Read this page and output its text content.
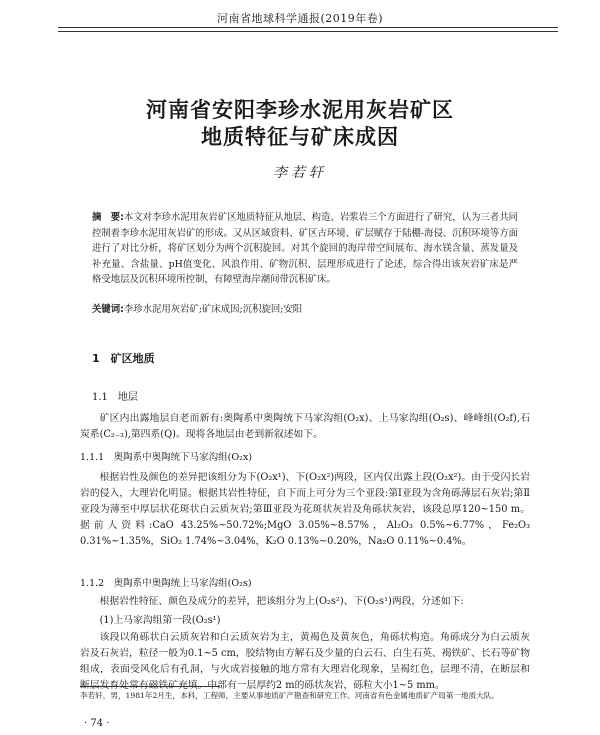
河南省地球科学通报(2019年卷)
河南省安阳李珍水泥用灰岩矿区
地质特征与矿床成因
李若轩
摘　要:本文对李珍水泥用灰岩矿区地质特征从地层、构造、岩浆岩三个方面进行了研究，认为三者共同控制着李珍水泥用灰岩矿的形成。又从区域资料、矿区古环境、矿层赋存于陆棚-海侵、沉积环境等方面进行了对比分析，将矿区划分为两个沉积旋回。对其个旋回的海岸带空间展布、海水镁含量、蒸发量及补充量、含盐量、pH值变化、风浪作用、矿物沉积、层理形成进行了论述，综合得出该灰岩矿床是严格受地层及沉积环境所控制，有障壁海岸潮间带沉积矿床。
关键词:李珍水泥用灰岩矿;矿床成因;沉积旋回;安阳
1　矿区地质
1.1　地层
矿区内出露地层自老而新有:奥陶系中奥陶统下马家沟组(O₂x)、上马家沟组(O₂s)、峰峰组(O₂f),石炭系(C₂₋₃),第四系(Q)。现将各地层由老到新叙述如下。
1.1.1　奥陶系中奥陶统下马家沟组(O₂x)
根据岩性及颜色的差异把该组分为下(O₂x¹)、下(O₂x²)两段，区内仅出露上段(O₂x²)。由于受闪长岩岩的侵入，大理岩化明显。根据其岩性特征，自下而上可分为三个亚段:第Ⅰ亚段为含角砾薄层石灰岩;第Ⅱ亚段为薄至中厚层状花斑状白云质灰岩;第Ⅲ亚段为花斑状灰岩及角砾状灰岩，该段总厚120~150 m。据前人资料:CaO 43.25%~50.72%;MgO 3.05%~8.57%，Al₂O₃ 0.5%~6.77%，Fe₂O₃ 0.31%~1.35%，SiO₂ 1.74%~3.04%，K₂O 0.13%~0.20%，Na₂O 0.11%~0.4%。
1.1.2　奥陶系中奥陶统上马家沟组(O₂s)
根据岩性特征、颜色及成分的差异，把该组分为上(O₂s²)、下(O₂s¹)两段，分述如下:
(1)上马家沟组第一段(O₂s¹)
该段以角砾状白云质灰岩和白云质灰岩为主，黄褐色及黄灰色，角砾状构造。角砾成分为白云质灰岩及石灰岩，粒径一般为0.1~5 cm，胶结物由方解石及少量的白云石、白生石英、褐铁矿、长石等矿物组成，表面受风化后有孔洞，与火成岩接触的地方常有大理岩化现象，呈褐红色，层理不清，在断层和断层发育处常有磁铁矿充填。中部有一层厚约2 m的砾状灰岩，砾粒大小1~5 mm。
李若轩，男，1981年2月生，本科，工程师，主要从事地质矿产勘查和研究工作。河南省有色金属地质矿产局第一地质大队。
· 74 ·
